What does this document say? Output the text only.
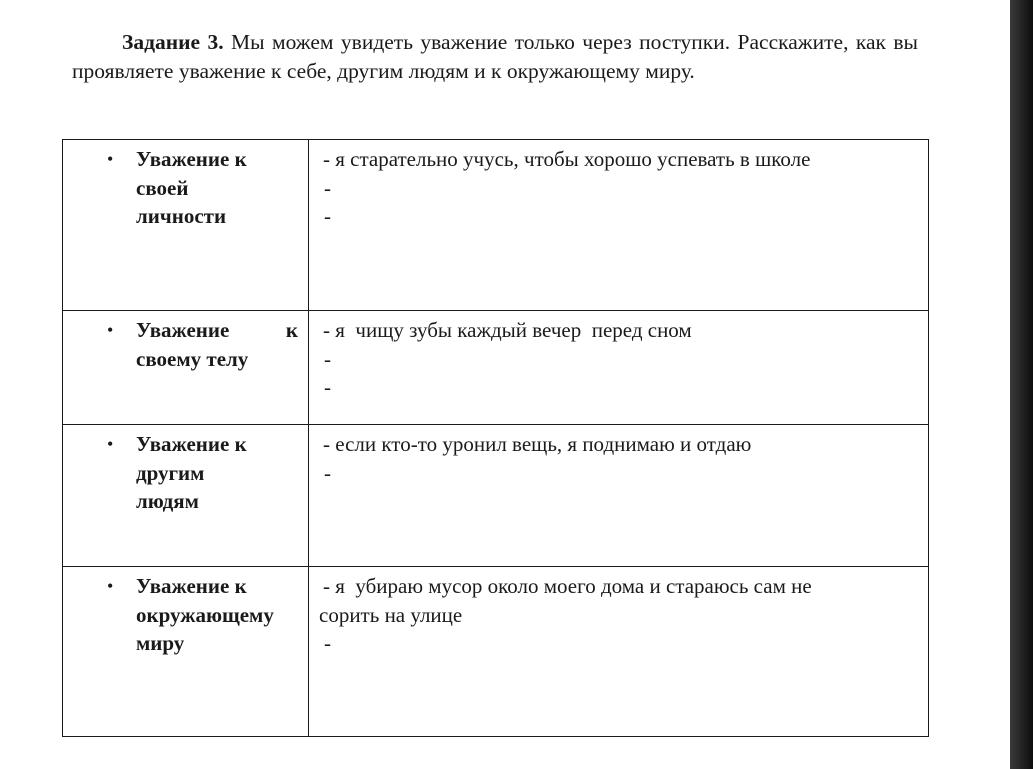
Задание 3. Мы можем увидеть уважение только через поступки. Расскажите, как вы проявляете уважение к себе, другим людям и к окружающему миру.
• Уважение к
своей
личности	- я старательно учусь, чтобы хорошо успевать в школе
-
-

• Уважение к
своему телу	- я  чищу зубы каждый вечер  перед сном
-
-

• Уважение к
другим
людям	- если кто-то уронил вещь, я поднимаю и отдаю
-

• Уважение к
окружающему
миру	- я  убираю мусор около моего дома и стараюсь сам не
сорить на улице
-
